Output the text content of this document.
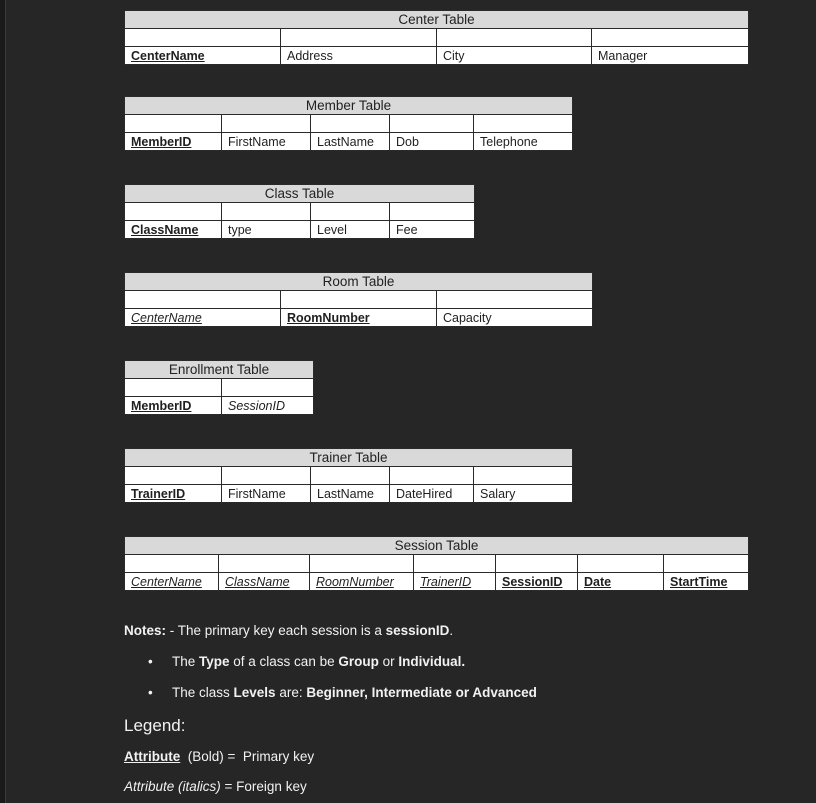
Center Table			

CenterName	Address	City	Manager
Member Table				

MemberID	FirstName	LastName	Dob	Telephone
Class Table			

ClassName	type	Level	Fee
Room Table		

CenterName	RoomNumber	Capacity
Enrollment Table	

MemberID	SessionID
Trainer Table				

TrainerID	FirstName	LastName	DateHired	Salary
Session Table						

CenterName	ClassName	RoomNumber	TrainerID	SessionID	Date	StartTime
Notes: - The primary key each session is a sessionID.
• The Type of a class can be Group or Individual.
• The class Levels are: Beginner, Intermediate or Advanced
Legend:
Attribute  (Bold) =  Primary key
Attribute (italics) = Foreign key
